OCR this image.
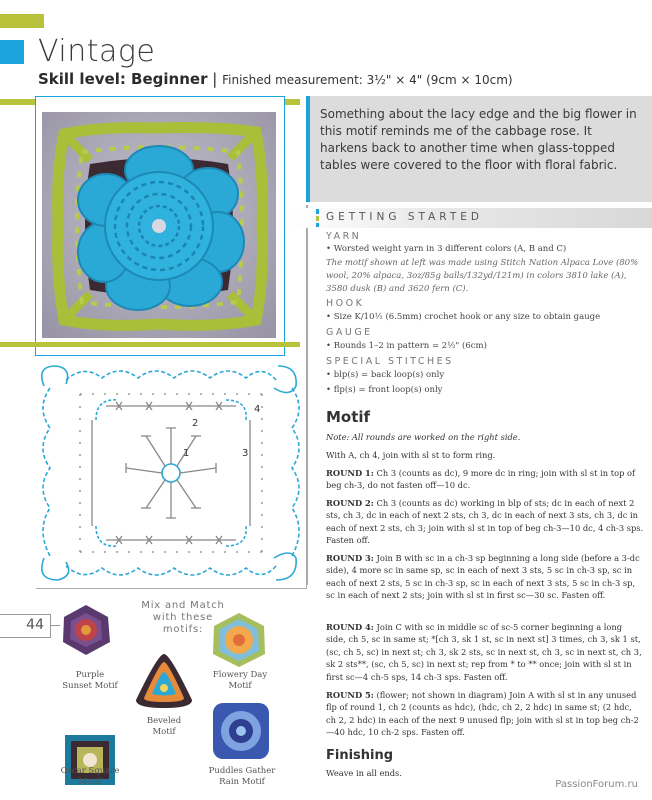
Vintage
Skill level: Beginner | Finished measurement: 3½" × 4" (9cm × 10cm)
Something about the lacy edge and the big flower in this motif reminds me of the cabbage rose. It harkens back to another time when glass-topped tables were covered to the floor with floral fabric.
GETTING STARTED
YARN
• Worsted weight yarn in 3 different colors (A, B and C)
The motif shown at left was made using Stitch Nation Alpaca Love (80% wool, 20% alpaca, 3oz/85g balls/132yd/121m) in colors 3810 lake (A), 3580 dusk (B) and 3620 fern (C).
HOOK
• Size K/10½ (6.5mm) crochet hook or any size to obtain gauge
GAUGE
• Rounds 1–2 in pattern = 2½" (6cm)
SPECIAL STITCHES
• blp(s) = back loop(s) only
• flp(s) = front loop(s) only
1
2
3
4
44
Mix and Match
with these
motifs:
Purple
Sunset Motif
Flowery Day
Motif
Beveled
Motif
Oscar Square
Motif
Puddles Gather
Rain Motif
Motif
Note: All rounds are worked on the right side.
With A, ch 4, join with sl st to form ring.
ROUND 1: Ch 3 (counts as dc), 9 more dc in ring; join with sl st in top of beg ch-3, do not fasten off—10 dc.
ROUND 2: Ch 3 (counts as dc) working in blp of sts; dc in each of next 2 sts, ch 3, dc in each of next 2 sts, ch 3, dc in each of next 3 sts, ch 3, dc in each of next 2 sts, ch 3; join with sl st in top of beg ch-3—10 dc, 4 ch-3 sps. Fasten off.
ROUND 3: Join B with sc in a ch-3 sp beginning a long side (before a 3-dc side), 4 more sc in same sp, sc in each of next 3 sts, 5 sc in ch-3 sp, sc in each of next 2 sts, 5 sc in ch-3 sp, sc in each of next 3 sts, 5 sc in ch-3 sp, sc in each of next 2 sts; join with sl st in first sc—30 sc. Fasten off.
ROUND 4: Join C with sc in middle sc of sc-5 corner beginning a long side, ch 5, sc in same st; *[ch 3, sk 1 st, sc in next st] 3 times, ch 3, sk 1 st, (sc, ch 5, sc) in next st; ch 3, sk 2 sts, sc in next st, ch 3, sc in next st, ch 3, sk 2 sts**, (sc, ch 5, sc) in next st; rep from * to ** once; join with sl st in first sc—4 ch-5 sps, 14 ch-3 sps. Fasten off.
ROUND 5: (flower; not shown in diagram) Join A with sl st in any unused flp of round 1, ch 2 (counts as hdc), (hdc, ch 2, 2 hdc) in same st; (2 hdc, ch 2, 2 hdc) in each of the next 9 unused flp; join with sl st in top beg ch-2—40 hdc, 10 ch-2 sps. Fasten off.
Finishing
Weave in all ends.
PassionForum.ru
